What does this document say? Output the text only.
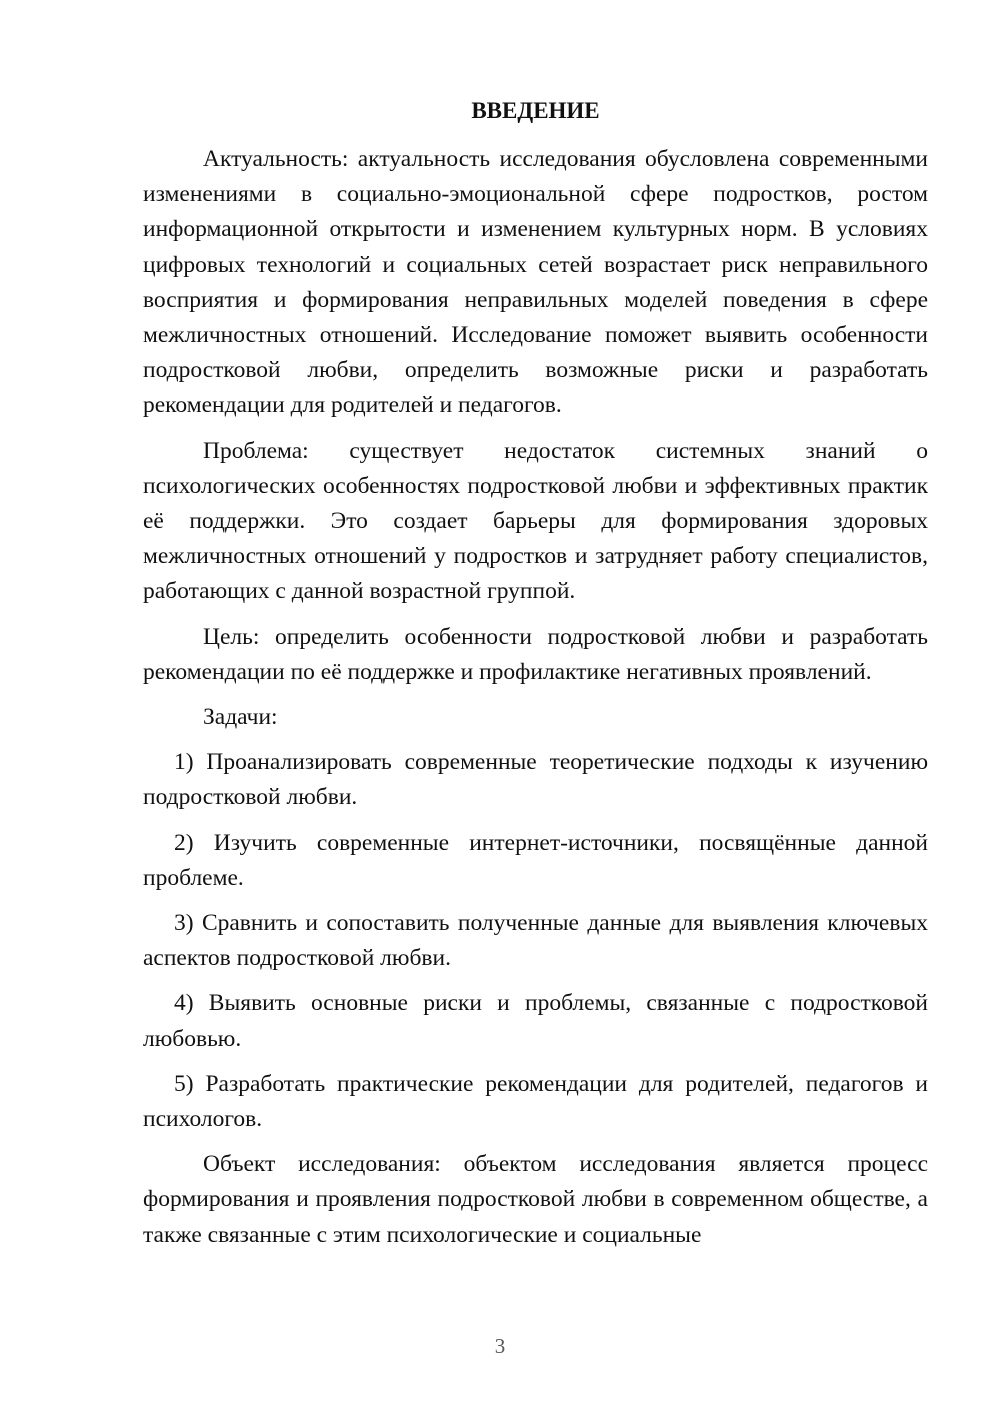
ВВЕДЕНИЕ

Актуальность: актуальность исследования обусловлена современными изменениями в социально-эмоциональной сфере подростков, ростом информационной открытости и изменением культурных норм. В условиях цифровых технологий и социальных сетей возрастает риск неправильного восприятия и формирования неправильных моделей поведения в сфере межличностных отношений. Исследование поможет выявить особенности подростковой любви, определить возможные риски и разработать рекомендации для родителей и педагогов.

Проблема: существует недостаток системных знаний о психологических особенностях подростковой любви и эффективных практик её поддержки. Это создает барьеры для формирования здоровых межличностных отношений у подростков и затрудняет работу специалистов, работающих с данной возрастной группой.

Цель: определить особенности подростковой любви и разработать рекомендации по её поддержке и профилактике негативных проявлений.

Задачи:

1) Проанализировать современные теоретические подходы к изучению подростковой любви.

2) Изучить современные интернет-источники, посвящённые данной проблеме.

3) Сравнить и сопоставить полученные данные для выявления ключевых аспектов подростковой любви.

4) Выявить основные риски и проблемы, связанные с подростковой любовью.

5) Разработать практические рекомендации для родителей, педагогов и психологов.

Объект исследования: объектом исследования является процесс формирования и проявления подростковой любви в современном обществе, а также связанные с этим психологические и социальные

3
